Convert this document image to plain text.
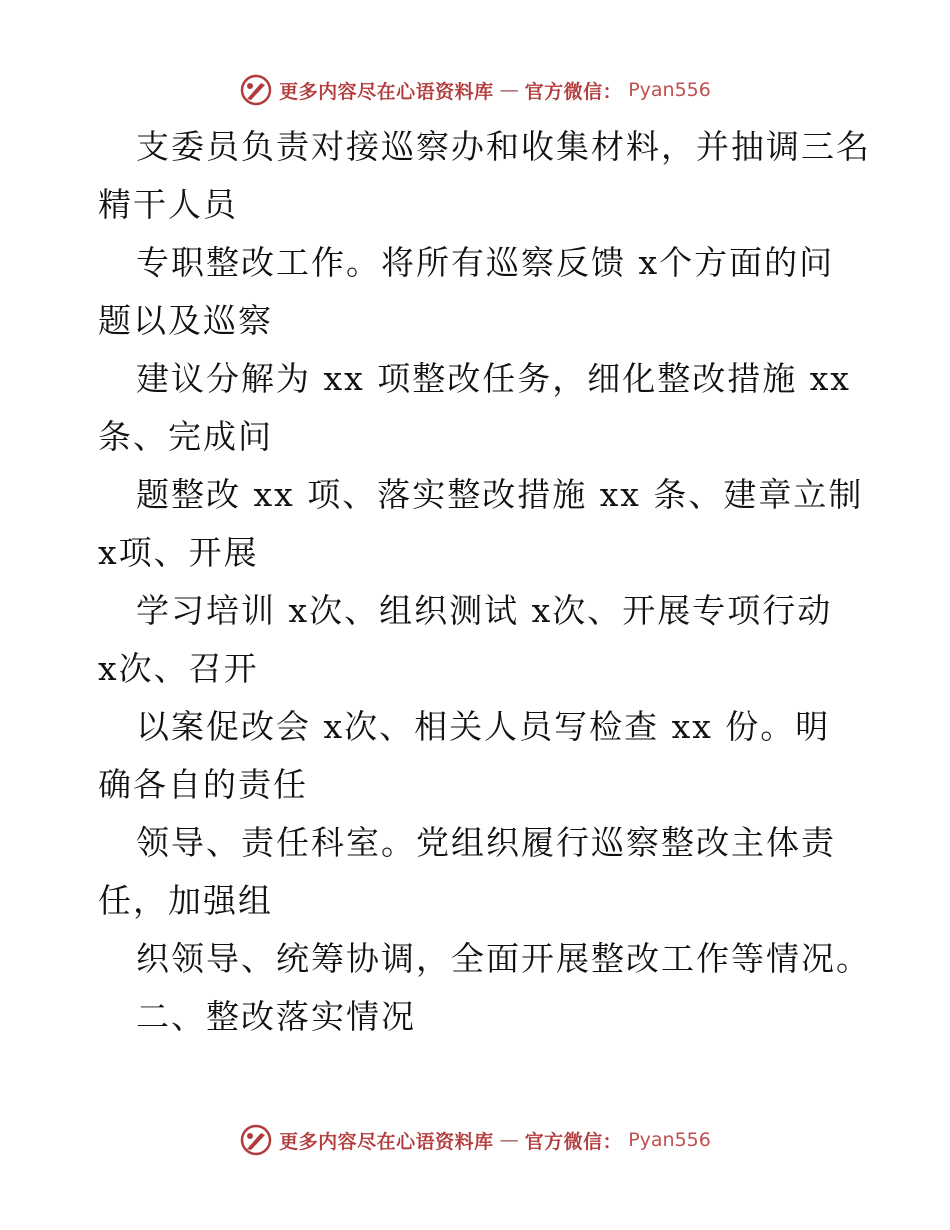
更多内容尽在心语资料库 — 官方微信： Pyan556

支委员负责对接巡察办和收集材料，并抽调三名

精干人员

专职整改工作。将所有巡察反馈 x个方面的问

题以及巡察

建议分解为 xx 项整改任务，细化整改措施 xx

条、完成问

题整改 xx 项、落实整改措施 xx 条、建章立制

x项、开展

学习培训 x次、组织测试 x次、开展专项行动

x次、召开

以案促改会 x次、相关人员写检查 xx 份。明

确各自的责任

领导、责任科室。党组织履行巡察整改主体责

任，加强组

织领导、统筹协调，全面开展整改工作等情况。

二、整改落实情况

更多内容尽在心语资料库 — 官方微信： Pyan556
